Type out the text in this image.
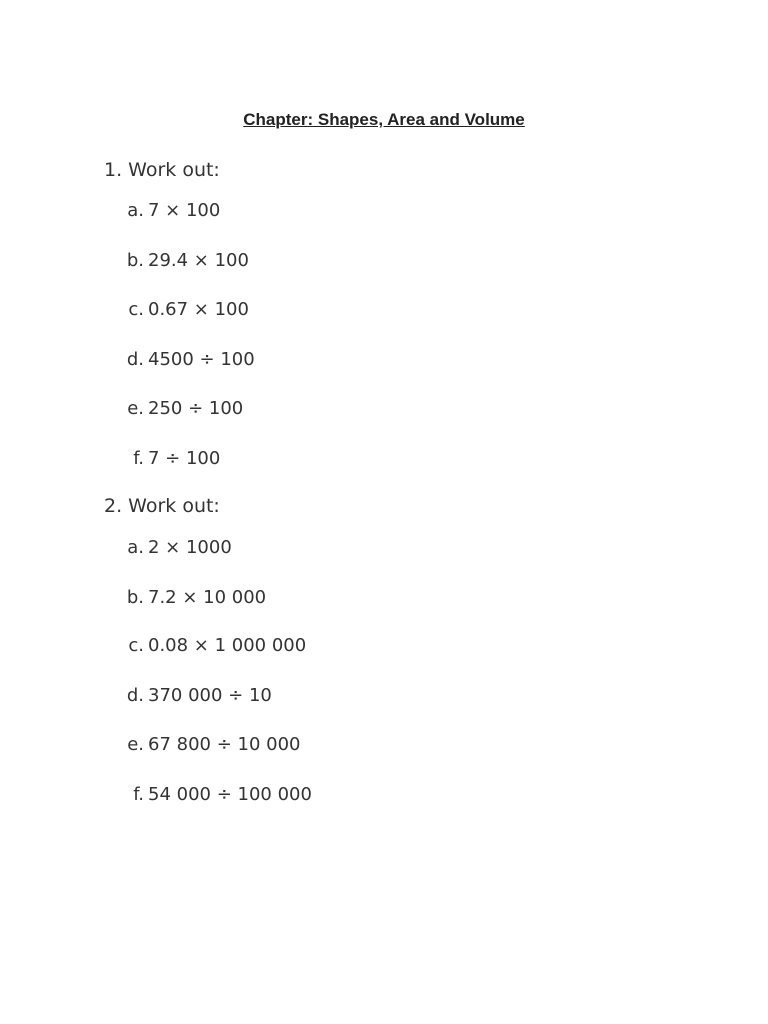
Chapter: Shapes, Area and Volume
1. Work out:
a. 7 × 100
b. 29.4 × 100
c. 0.67 × 100
d. 4500 ÷ 100
e. 250 ÷ 100
f. 7 ÷ 100
2. Work out:
a. 2 × 1000
b. 7.2 × 10 000
c. 0.08 × 1 000 000
d. 370 000 ÷ 10
e. 67 800 ÷ 10 000
f. 54 000 ÷ 100 000
